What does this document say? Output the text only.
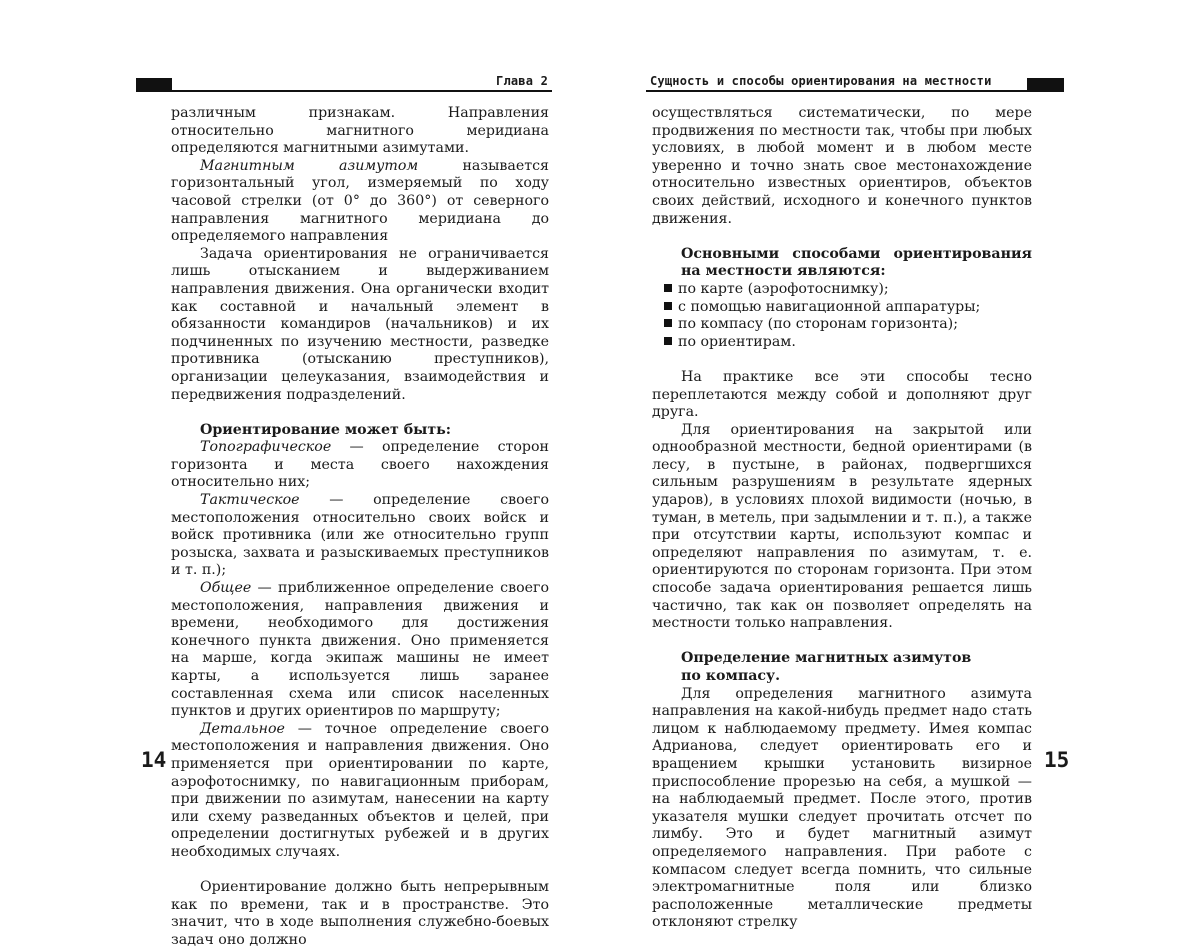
Глава 2

различным признакам. Направления относительно магнитного меридиана определяются магнитными азимутами.

Магнитным азимутом называется горизонтальный угол, измеряемый по ходу часовой стрелки (от 0° до 360°) от северного направления магнитного меридиана до определяемого направления

Задача ориентирования не ограничивается лишь отысканием и выдерживанием направления движения. Она органически входит как составной и начальный элемент в обязанности командиров (начальников) и их подчиненных по изучению местности, разведке противника (отысканию преступников), организации целеуказания, взаимодействия и передвижения подразделений.

Ориентирование может быть:

Топографическое — определение сторон горизонта и места своего нахождения относительно них;

Тактическое — определение своего местоположения относительно своих войск и войск противника (или же относительно групп розыска, захвата и разыскиваемых преступников и т. п.);

Общее — приближенное определение своего местоположения, направления движения и времени, необходимого для достижения конечного пункта движения. Оно применяется на марше, когда экипаж машины не имеет карты, а используется лишь заранее составленная схема или список населенных пунктов и других ориентиров по маршруту;

Детальное — точное определение своего местоположения и направления движения. Оно применяется при ориентировании по карте, аэрофотоснимку, по навигационным приборам, при движении по азимутам, нанесении на карту или схему разведанных объектов и целей, при определении достигнутых рубежей и в других необходимых случаях.

Ориентирование должно быть непрерывным как по времени, так и в пространстве. Это значит, что в ходе выполнения служебно-боевых задач оно должно

14
Сущность и способы ориентирования на местности

осуществляться систематически, по мере продвижения по местности так, чтобы при любых условиях, в любой момент и в любом месте уверенно и точно знать свое местонахождение относительно известных ориентиров, объектов своих действий, исходного и конечного пунктов движения.

Основными способами ориентирования на местности являются:

по карте (аэрофотоснимку);

с помощью навигационной аппаратуры;

по компасу (по сторонам горизонта);

по ориентирам.

На практике все эти способы тесно переплетаются между собой и дополняют друг друга.

Для ориентирования на закрытой или однообразной местности, бедной ориентирами (в лесу, в пустыне, в районах, подвергшихся сильным разрушениям в результате ядерных ударов), в условиях плохой видимости (ночью, в туман, в метель, при задымлении и т. п.), а также при отсутствии карты, используют компас и определяют направления по азимутам, т. е. ориентируются по сторонам горизонта. При этом способе задача ориентирования решается лишь частично, так как он позволяет определять на местности только направления.

Определение магнитных азимутов

по компасу.

Для определения магнитного азимута направления на какой-нибудь предмет надо стать лицом к наблюдаемому предмету. Имея компас Адрианова, следует ориентировать его и вращением крышки установить визирное приспособление прорезью на себя, а мушкой — на наблюдаемый предмет. После этого, против указателя мушки следует прочитать отсчет по лимбу. Это и будет магнитный азимут определяемого направления. При работе с компасом следует всегда помнить, что сильные электромагнитные поля или близко расположенные металлические предметы отклоняют стрелку

15
